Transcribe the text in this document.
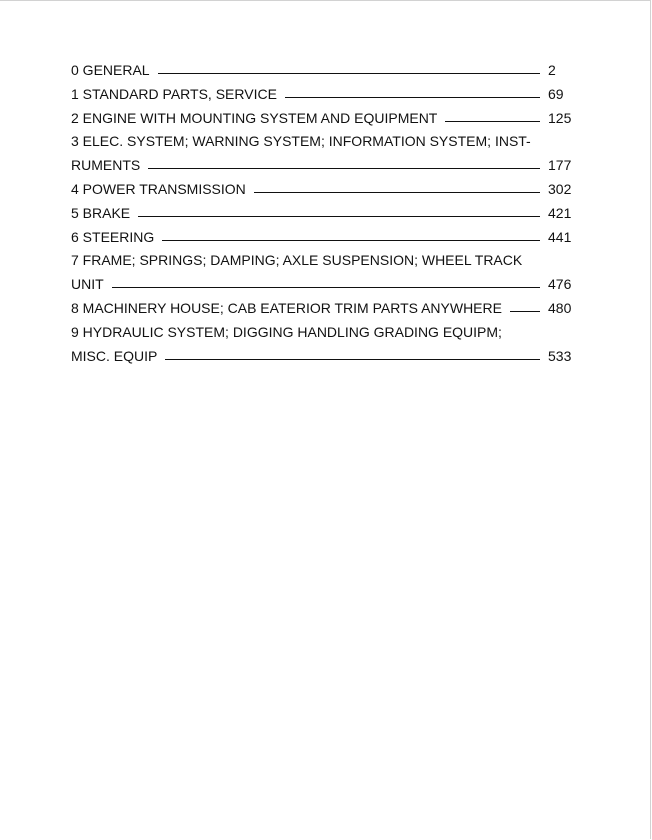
0 GENERAL	2
1 STANDARD PARTS, SERVICE	69
2 ENGINE WITH MOUNTING SYSTEM AND EQUIPMENT	125
3 ELEC. SYSTEM; WARNING SYSTEM; INFORMATION SYSTEM; INST-
RUMENTS	177
4 POWER TRANSMISSION	302
5 BRAKE	421
6 STEERING	441
7 FRAME; SPRINGS; DAMPING; AXLE SUSPENSION; WHEEL TRACK
UNIT	476
8 MACHINERY HOUSE; CAB EATERIOR TRIM PARTS ANYWHERE	480
9 HYDRAULIC SYSTEM; DIGGING HANDLING GRADING EQUIPM;
MISC. EQUIP	533
